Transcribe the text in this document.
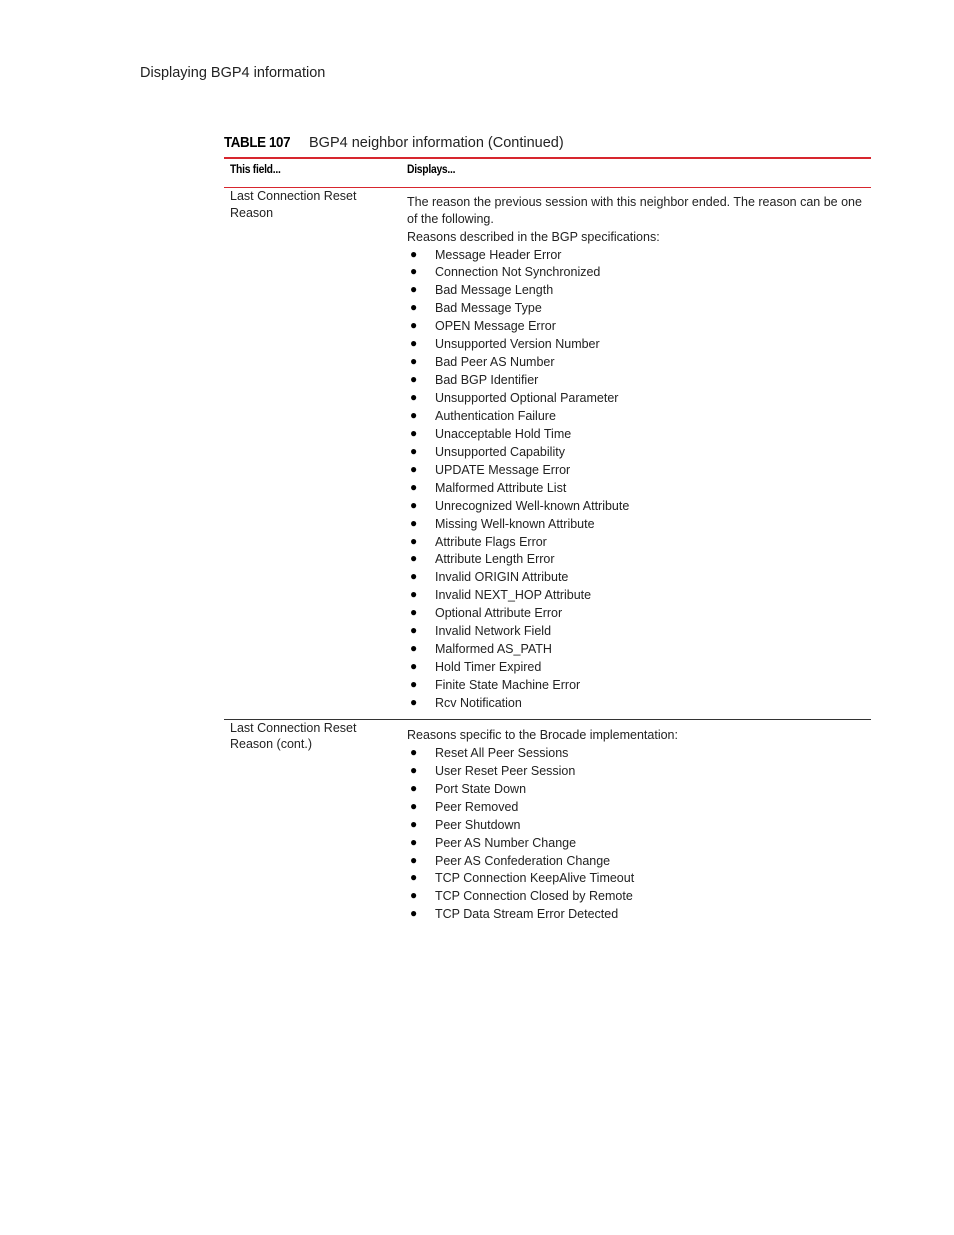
Displaying BGP4 information
TABLE 107 BGP4 neighbor information (Continued)
This field...	Displays...
Last Connection Reset Reason

The reason the previous session with this neighbor ended. The reason can be one of the following.

Reasons described in the BGP specifications:

● Message Header Error
● Connection Not Synchronized
● Bad Message Length
● Bad Message Type
● OPEN Message Error
● Unsupported Version Number
● Bad Peer AS Number
● Bad BGP Identifier
● Unsupported Optional Parameter
● Authentication Failure
● Unacceptable Hold Time
● Unsupported Capability
● UPDATE Message Error
● Malformed Attribute List
● Unrecognized Well-known Attribute
● Missing Well-known Attribute
● Attribute Flags Error
● Attribute Length Error
● Invalid ORIGIN Attribute
● Invalid NEXT_HOP Attribute
● Optional Attribute Error
● Invalid Network Field
● Malformed AS_PATH
● Hold Timer Expired
● Finite State Machine Error
● Rcv Notification
Last Connection Reset Reason (cont.)

Reasons specific to the Brocade implementation:

● Reset All Peer Sessions
● User Reset Peer Session
● Port State Down
● Peer Removed
● Peer Shutdown
● Peer AS Number Change
● Peer AS Confederation Change
● TCP Connection KeepAlive Timeout
● TCP Connection Closed by Remote
● TCP Data Stream Error Detected
